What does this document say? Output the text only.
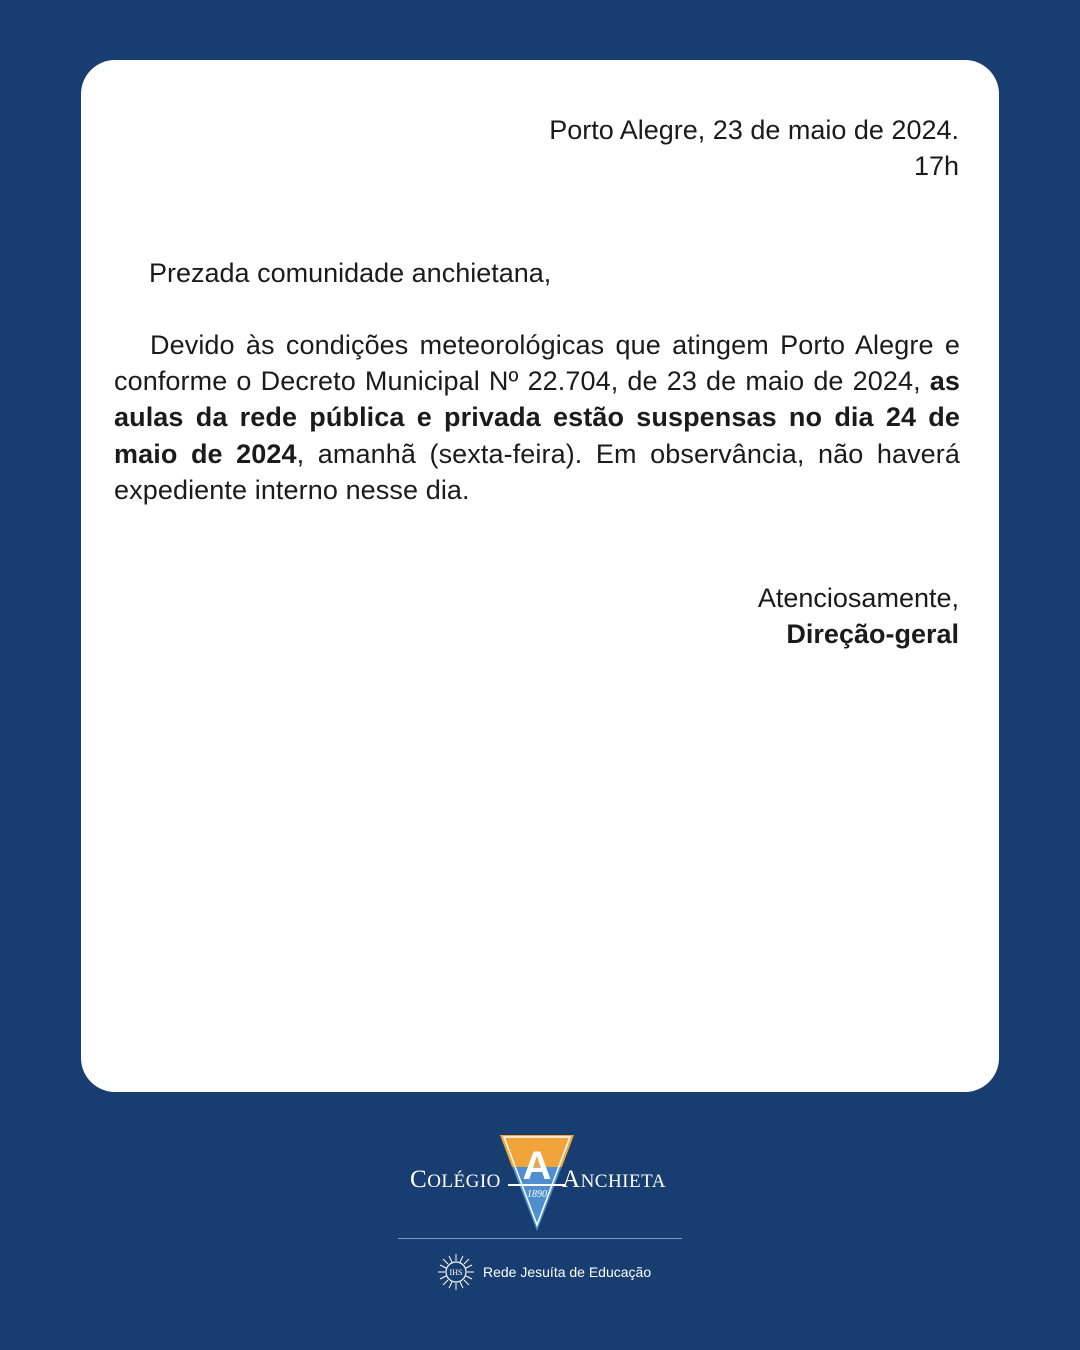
Porto Alegre, 23 de maio de 2024.
17h
Prezada comunidade anchietana,
Devido às condições meteorológicas que atingem Porto Alegre e conforme o Decreto Municipal Nº 22.704, de 23 de maio de 2024, as aulas da rede pública e privada estão suspensas no dia 24 de maio de 2024, amanhã (sexta-feira). Em observância, não haverá expediente interno nesse dia.
Atenciosamente,
Direção-geral
COLÉGIO A
1890
ANCHIETA
IHS Rede Jesuíta de Educação
